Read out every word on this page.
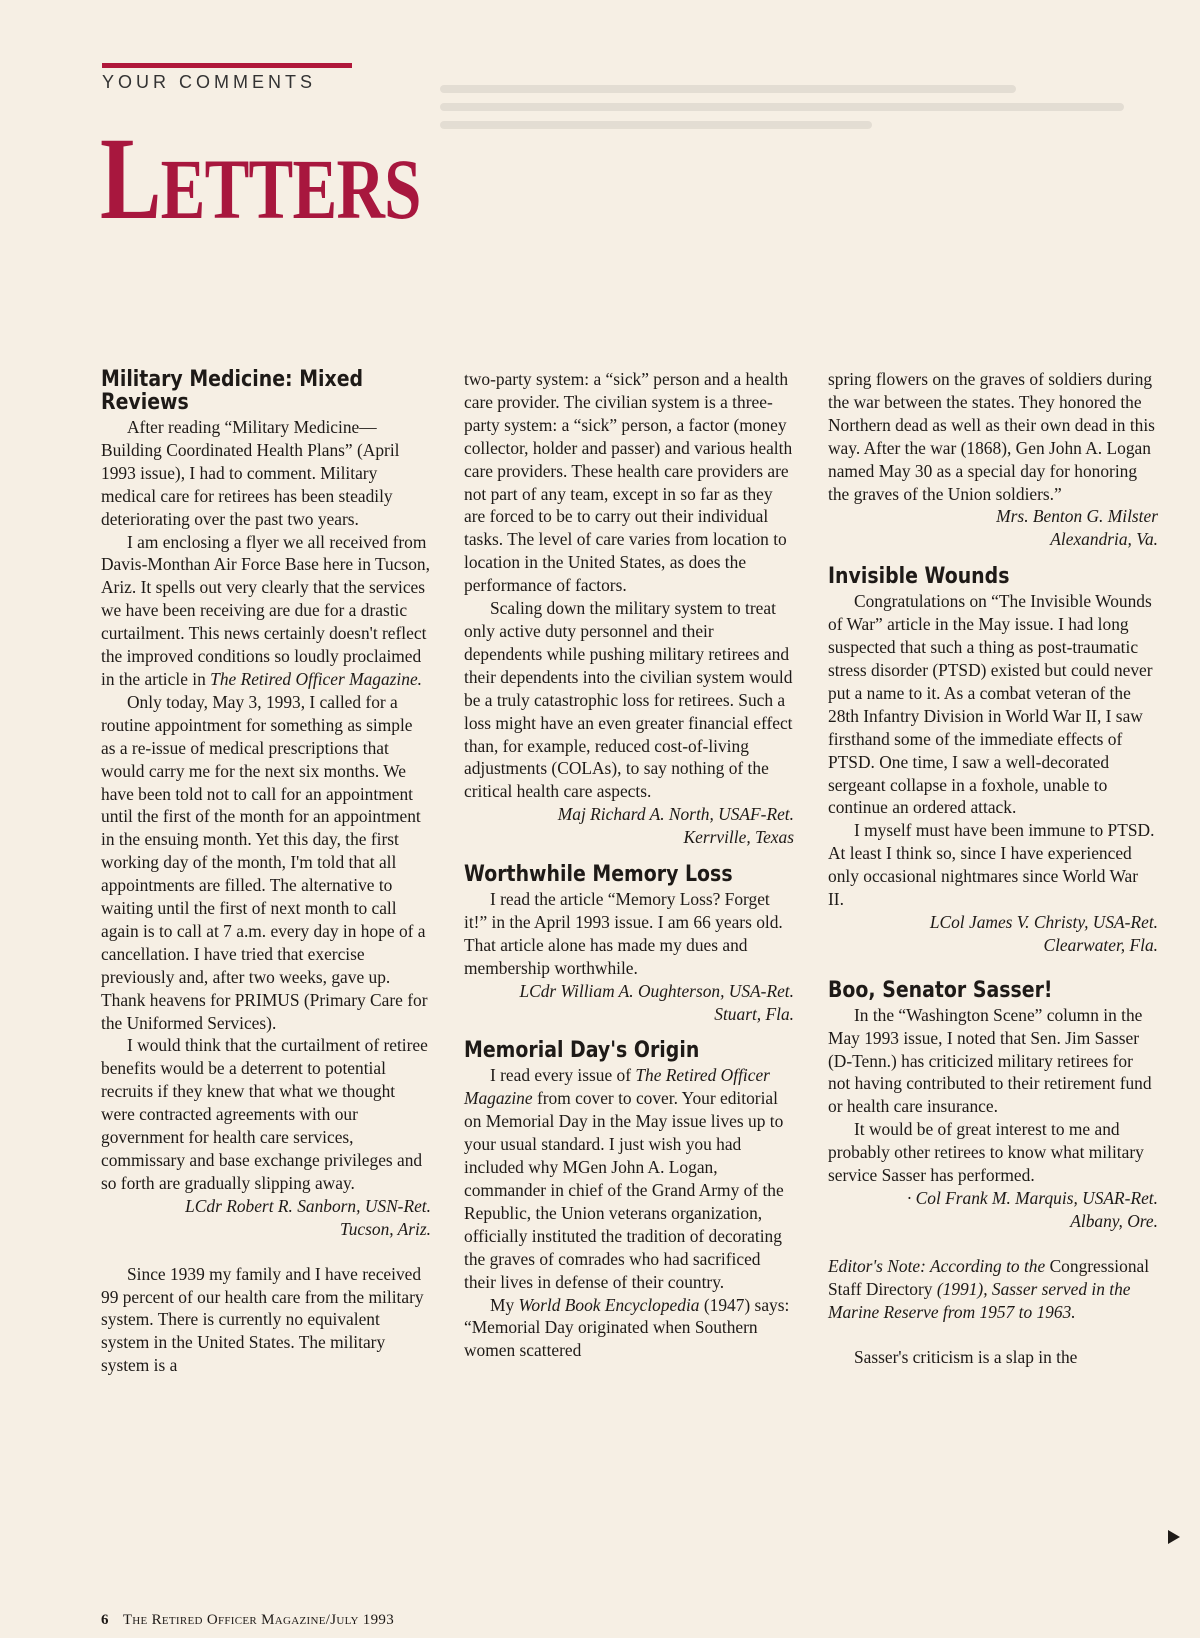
YOUR COMMENTS
LETTERS
Military Medicine: Mixed Reviews

After reading “Military Medicine—Building Coordinated Health Plans” (April 1993 issue), I had to comment. Military medical care for retirees has been steadily deteriorating over the past two years.

I am enclosing a flyer we all received from Davis-Monthan Air Force Base here in Tucson, Ariz. It spells out very clearly that the services we have been receiving are due for a drastic curtailment. This news certainly doesn't reflect the improved conditions so loudly proclaimed in the article in The Retired Officer Magazine.

Only today, May 3, 1993, I called for a routine appointment for something as simple as a re-issue of medical prescriptions that would carry me for the next six months. We have been told not to call for an appointment until the first of the month for an appointment in the ensuing month. Yet this day, the first working day of the month, I'm told that all appointments are filled. The alternative to waiting until the first of next month to call again is to call at 7 a.m. every day in hope of a cancellation. I have tried that exercise previously and, after two weeks, gave up. Thank heavens for PRIMUS (Primary Care for the Uniformed Services).

I would think that the curtailment of retiree benefits would be a deterrent to potential recruits if they knew that what we thought were contracted agreements with our government for health care services, commissary and base exchange privileges and so forth are gradually slipping away.

LCdr Robert R. Sanborn, USN-Ret.

Tucson, Ariz.

Since 1939 my family and I have received 99 percent of our health care from the military system. There is currently no equivalent system in the United States. The military system is a

two-party system: a “sick” person and a health care provider. The civilian system is a three-party system: a “sick” person, a factor (money collector, holder and passer) and various health care providers. These health care providers are not part of any team, except in so far as they are forced to be to carry out their individual tasks. The level of care varies from location to location in the United States, as does the performance of factors.

Scaling down the military system to treat only active duty personnel and their dependents while pushing military retirees and their dependents into the civilian system would be a truly catastrophic loss for retirees. Such a loss might have an even greater financial effect than, for example, reduced cost-of-living adjustments (COLAs), to say nothing of the critical health care aspects.

Maj Richard A. North, USAF-Ret.

Kerrville, Texas

Worthwhile Memory Loss

I read the article “Memory Loss? Forget it!” in the April 1993 issue. I am 66 years old. That article alone has made my dues and membership worthwhile.

LCdr William A. Oughterson, USA-Ret.

Stuart, Fla.

Memorial Day's Origin

I read every issue of The Retired Officer Magazine from cover to cover. Your editorial on Memorial Day in the May issue lives up to your usual standard. I just wish you had included why MGen John A. Logan, commander in chief of the Grand Army of the Republic, the Union veterans organization, officially instituted the tradition of decorating the graves of comrades who had sacrificed their lives in defense of their country.

My World Book Encyclopedia (1947) says: “Memorial Day originated when Southern women scattered

spring flowers on the graves of soldiers during the war between the states. They honored the Northern dead as well as their own dead in this way. After the war (1868), Gen John A. Logan named May 30 as a special day for honoring the graves of the Union soldiers.”

Mrs. Benton G. Milster

Alexandria, Va.

Invisible Wounds

Congratulations on “The Invisible Wounds of War” article in the May issue. I had long suspected that such a thing as post-traumatic stress disorder (PTSD) existed but could never put a name to it. As a combat veteran of the 28th Infantry Division in World War II, I saw firsthand some of the immediate effects of PTSD. One time, I saw a well-decorated sergeant collapse in a foxhole, unable to continue an ordered attack.

I myself must have been immune to PTSD. At least I think so, since I have experienced only occasional nightmares since World War II.

LCol James V. Christy, USA-Ret.

Clearwater, Fla.

Boo, Senator Sasser!

In the “Washington Scene” column in the May 1993 issue, I noted that Sen. Jim Sasser (D-Tenn.) has criticized military retirees for not having contributed to their retirement fund or health care insurance.

It would be of great interest to me and probably other retirees to know what military service Sasser has performed.

· Col Frank M. Marquis, USAR-Ret.

Albany, Ore.

Editor's Note: According to the Congressional Staff Directory (1991), Sasser served in the Marine Reserve from 1957 to 1963.

Sasser's criticism is a slap in the

6 The Retired Officer Magazine/July 1993
